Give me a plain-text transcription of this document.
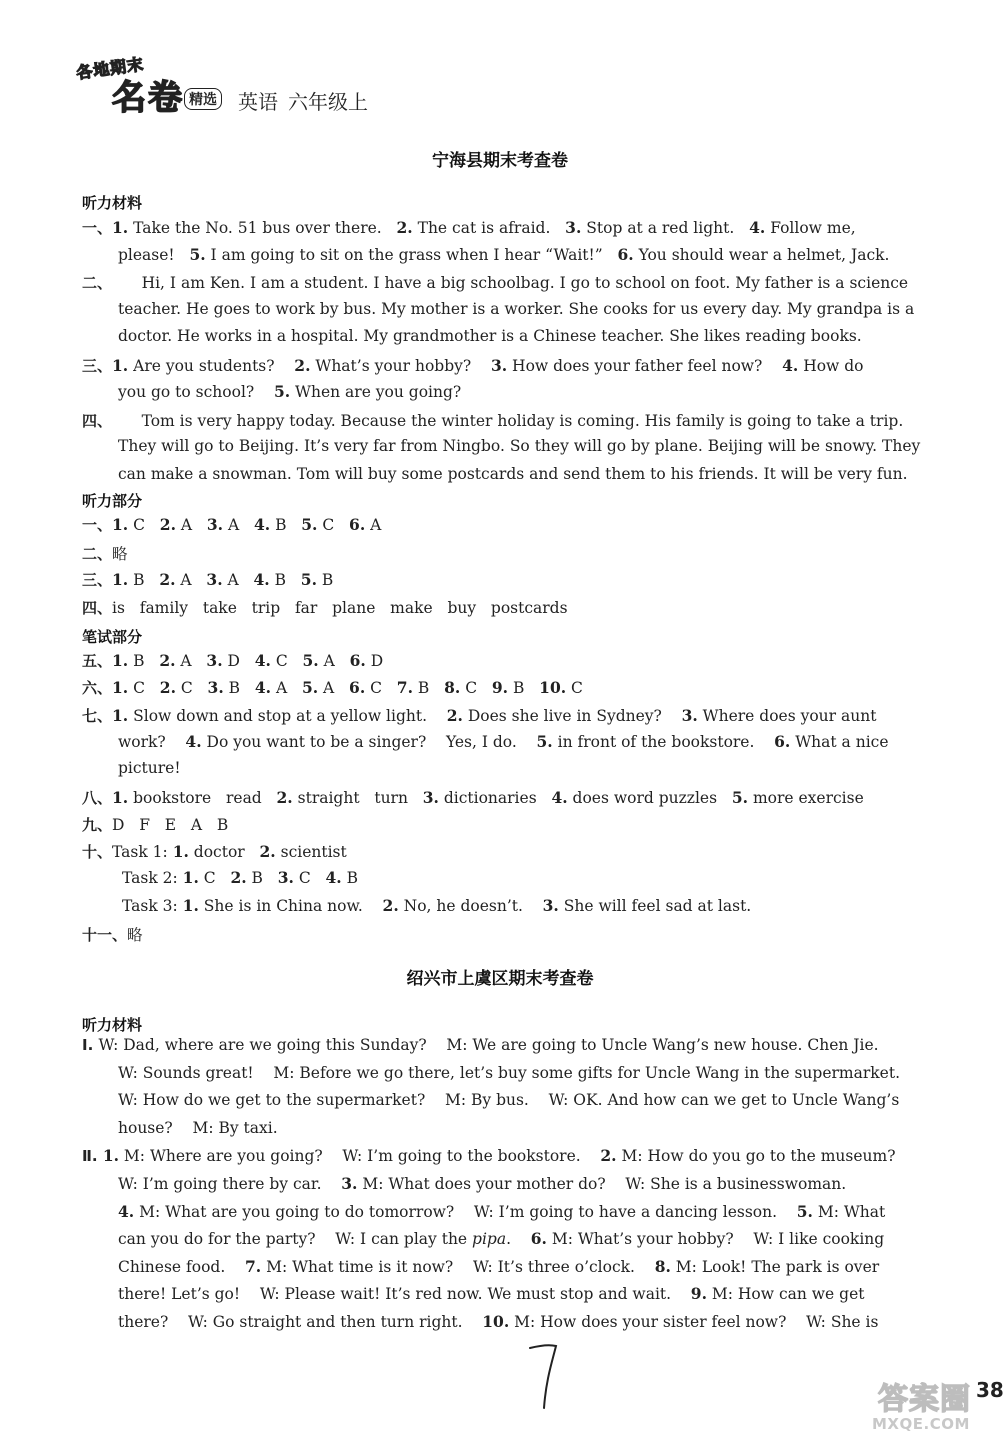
各地期末
名卷 精选 英语 六年级上
宁海县期末考查卷
听力材料
一、1. Take the No. 51 bus over there.   2. The cat is afraid.   3. Stop at a red light.   4. Follow me,
please!   5. I am going to sit on the grass when I hear “Wait!”   6. You should wear a helmet, Jack.
二、      Hi, I am Ken. I am a student. I have a big schoolbag. I go to school on foot. My father is a science
teacher. He goes to work by bus. My mother is a worker. She cooks for us every day. My grandpa is a
doctor. He works in a hospital. My grandmother is a Chinese teacher. She likes reading books.
三、1. Are you students?    2. What’s your hobby?    3. How does your father feel now?    4. How do
you go to school?    5. When are you going?
四、      Tom is very happy today. Because the winter holiday is coming. His family is going to take a trip.
They will go to Beijing. It’s very far from Ningbo. So they will go by plane. Beijing will be snowy. They
can make a snowman. Tom will buy some postcards and send them to his friends. It will be very fun.
听力部分
一、1. C   2. A   3. A   4. B   5. C   6. A
二、略
三、1. B   2. A   3. A   4. B   5. B
四、is   family   take   trip   far   plane   make   buy   postcards
笔试部分
五、1. B   2. A   3. D   4. C   5. A   6. D
六、1. C   2. C   3. B   4. A   5. A   6. C   7. B   8. C   9. B   10. C
七、1. Slow down and stop at a yellow light.    2. Does she live in Sydney?    3. Where does your aunt
work?    4. Do you want to be a singer?    Yes, I do.    5. in front of the bookstore.    6. What a nice
picture!
八、1. bookstore   read   2. straight   turn   3. dictionaries   4. does word puzzles   5. more exercise
九、D   F   E   A   B
十、Task 1: 1. doctor   2. scientist
Task 2: 1. C   2. B   3. C   4. B
Task 3: 1. She is in China now.    2. No, he doesn’t.    3. She will feel sad at last.
十一、略
绍兴市上虞区期末考查卷
听力材料
Ⅰ. W: Dad, where are we going this Sunday?    M: We are going to Uncle Wang’s new house. Chen Jie.
W: Sounds great!    M: Before we go there, let’s buy some gifts for Uncle Wang in the supermarket.
W: How do we get to the supermarket?    M: By bus.    W: OK. And how can we get to Uncle Wang’s
house?    M: By taxi.
Ⅱ. 1. M: Where are you going?    W: I’m going to the bookstore.    2. M: How do you go to the museum?
W: I’m going there by car.    3. M: What does your mother do?    W: She is a businesswoman.
4. M: What are you going to do tomorrow?    W: I’m going to have a dancing lesson.    5. M: What
can you do for the party?    W: I can play the pipa.    6. M: What’s your hobby?    W: I like cooking
Chinese food.    7. M: What time is it now?    W: It’s three o’clock.    8. M: Look! The park is over
there! Let’s go!    W: Please wait! It’s red now. We must stop and wait.    9. M: How can we get
there?    W: Go straight and then turn right.    10. M: How does your sister feel now?    W: She is
38
答案圈
MXQE.COM
